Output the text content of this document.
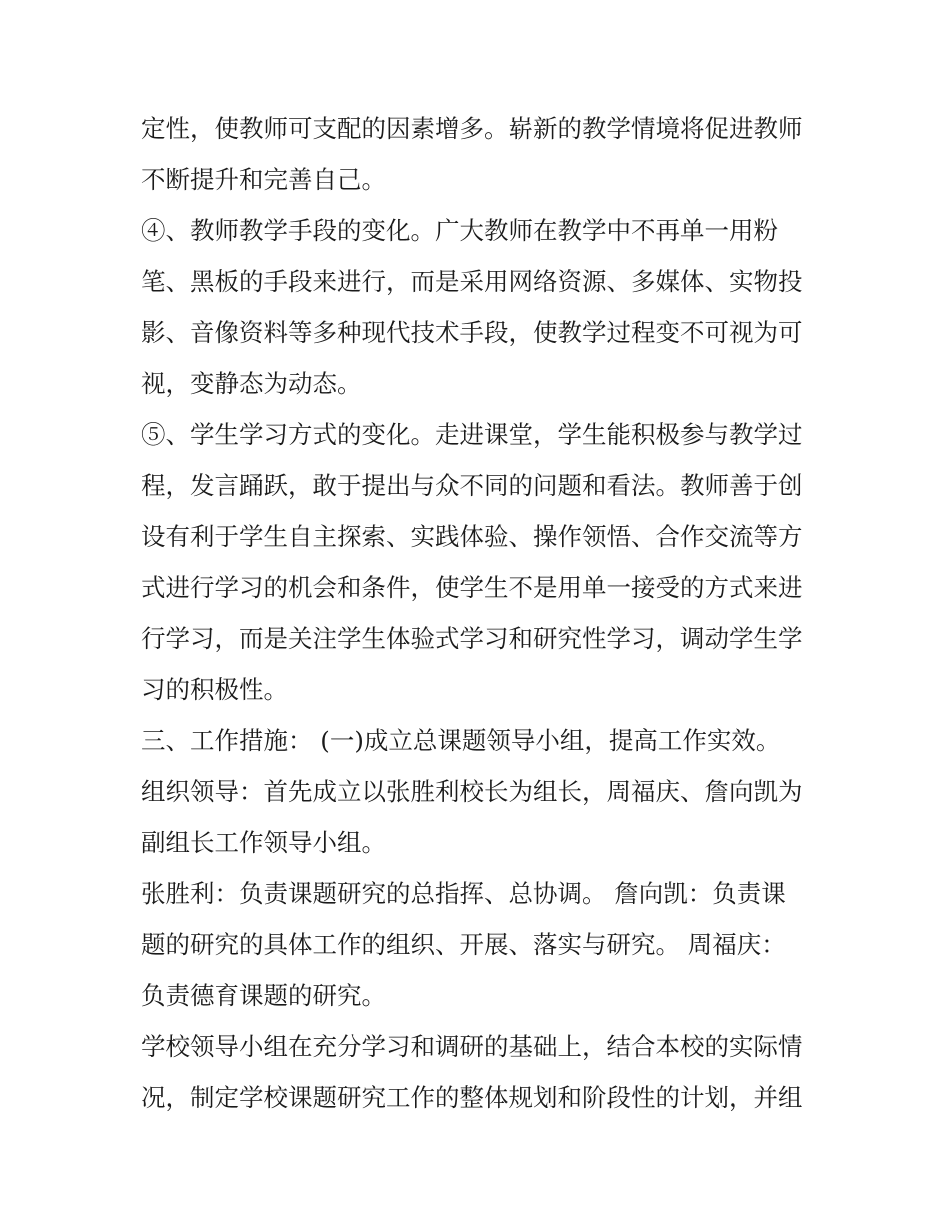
定性，使教师可支配的因素增多。崭新的教学情境将促进教师
不断提升和完善自己。
④、教师教学手段的变化。广大教师在教学中不再单一用粉
笔、黑板的手段来进行，而是采用网络资源、多媒体、实物投
影、音像资料等多种现代技术手段，使教学过程变不可视为可
视，变静态为动态。
⑤、学生学习方式的变化。走进课堂，学生能积极参与教学过
程，发言踊跃，敢于提出与众不同的问题和看法。教师善于创
设有利于学生自主探索、实践体验、操作领悟、合作交流等方
式进行学习的机会和条件，使学生不是用单一接受的方式来进
行学习，而是关注学生体验式学习和研究性学习，调动学生学
习的积极性。
三、工作措施： (一)成立总课题领导小组，提高工作实效。
组织领导：首先成立以张胜利校长为组长，周福庆、詹向凯为
副组长工作领导小组。
张胜利：负责课题研究的总指挥、总协调。 詹向凯：负责课
题的研究的具体工作的组织、开展、落实与研究。 周福庆：
负责德育课题的研究。
学校领导小组在充分学习和调研的基础上，结合本校的实际情
况，制定学校课题研究工作的整体规划和阶段性的计划，并组
